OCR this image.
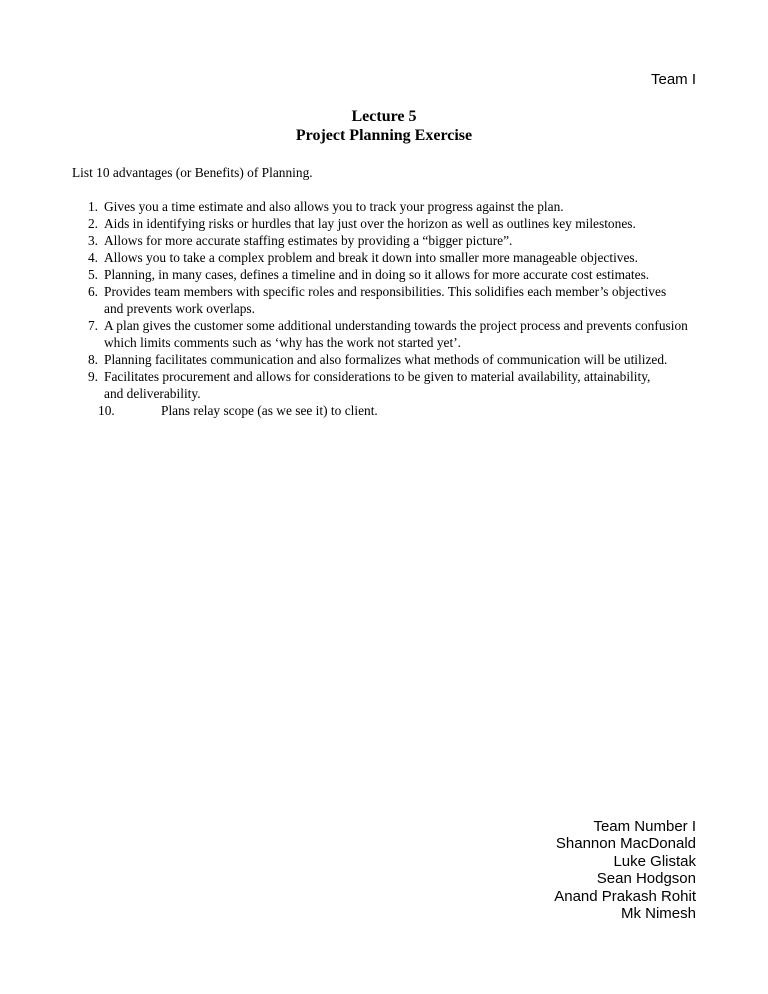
Team I
Lecture 5
Project Planning Exercise
List 10 advantages (or Benefits) of Planning.
1. Gives you a time estimate and also allows you to track your progress against the plan.
2. Aids in identifying risks or hurdles that lay just over the horizon as well as outlines key milestones.
3. Allows for more accurate staffing estimates by providing a “bigger picture”.
4. Allows you to take a complex problem and break it down into smaller more manageable objectives.
5. Planning, in many cases, defines a timeline and in doing so it allows for more accurate cost estimates.
6. Provides team members with specific roles and responsibilities. This solidifies each member’s objectives and prevents work overlaps.
7. A plan gives the customer some additional understanding towards the project process and prevents confusion which limits comments such as ‘why has the work not started yet’.
8. Planning facilitates communication and also formalizes what methods of communication will be utilized.
9. Facilitates procurement and allows for considerations to be given to material availability, attainability, and deliverability.
10.	Plans relay scope (as we see it) to client.
Team Number I
Shannon MacDonald
Luke Glistak
Sean Hodgson
Anand Prakash Rohit
Mk Nimesh
